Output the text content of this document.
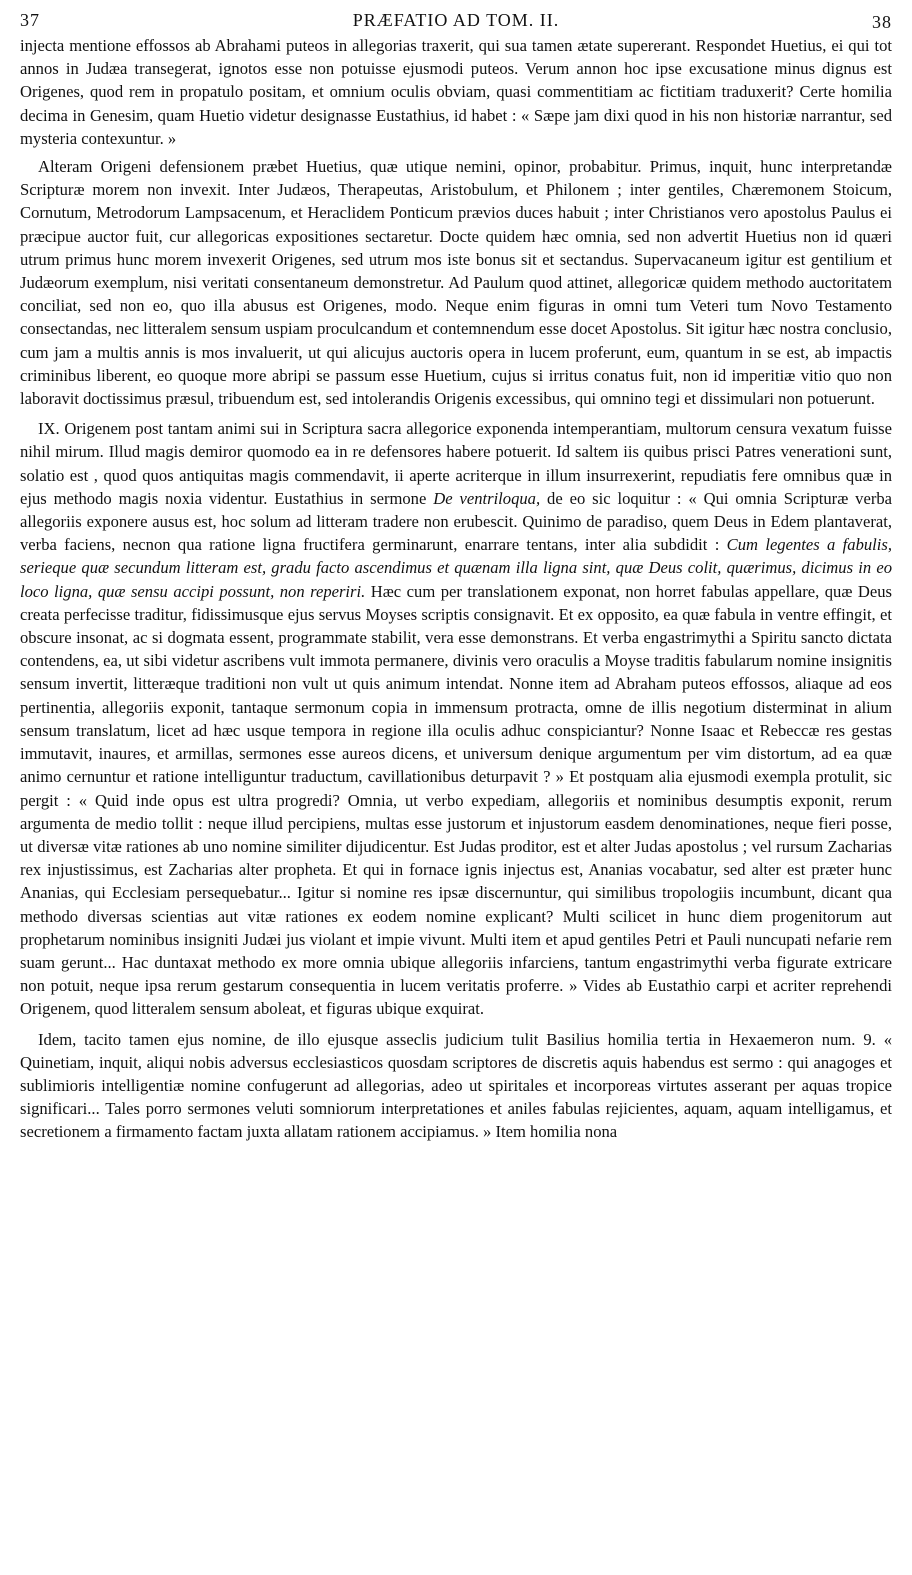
37	PRÆFATIO AD TOM. II.	38

injecta mentione effossos ab Abrahami puteos in allegorias traxerit, qui sua tamen ætate supererant. Respondet Huetius, ei qui tot annos in Judæa transegerat, ignotos esse non potuisse ejusmodi puteos. Verum annon hoc ipse excusatione minus dignus est Origenes, quod rem in propatulo positam, et omnium oculis obviam, quasi commentitiam ac fictitiam traduxerit? Certe homilia decima in Genesim, quam Huetio videtur designasse Eustathius, id habet : « Sæpe jam dixi quod in his non historiæ narrantur, sed mysteria contexuntur. »

Alteram Origeni defensionem præbet Huetius, quæ utique nemini, opinor, probabitur. Primus, inquit, hunc interpretandæ Scripturæ morem non invexit. Inter Judæos, Therapeutas, Aristobulum, et Philonem ; inter gentiles, Chæremonem Stoicum, Cornutum, Metrodorum Lampsacenum, et Heraclidem Ponticum prævios duces habuit ; inter Christianos vero apostolus Paulus ei præcipue auctor fuit, cur allegoricas expositiones sectaretur. Docte quidem hæc omnia, sed non advertit Huetius non id quæri utrum primus hunc morem invexerit Origenes, sed utrum mos iste bonus sit et sectandus. Supervacaneum igitur est gentilium et Judæorum exemplum, nisi veritati consentaneum demonstretur. Ad Paulum quod attinet, allegoricæ quidem methodo auctoritatem conciliat, sed non eo, quo illa abusus est Origenes, modo. Neque enim figuras in omni tum Veteri tum Novo Testamento consectandas, nec litteralem sensum uspiam proculcandum et contemnendum esse docet Apostolus. Sit igitur hæc nostra conclusio, cum jam a multis annis is mos invaluerit, ut qui alicujus auctoris opera in lucem proferunt, eum, quantum in se est, ab impactis criminibus liberent, eo quoque more abripi se passum esse Huetium, cujus si irritus conatus fuit, non id imperitiæ vitio quo non laboravit doctissimus præsul, tribuendum est, sed intolerandis Origenis excessibus, qui omnino tegi et dissimulari non potuerunt.

IX. Origenem post tantam animi sui in Scriptura sacra allegorice exponenda intemperantiam, multorum censura vexatum fuisse nihil mirum. Illud magis demiror quomodo ea in re defensores habere potuerit. Id saltem iis quibus prisci Patres venerationi sunt, solatio est , quod quos antiquitas magis commendavit, ii aperte acriterque in illum insurrexerint, repudiatis fere omnibus quæ in ejus methodo magis noxia videntur. Eustathius in sermone De ventriloqua, de eo sic loquitur : « Qui omnia Scripturæ verba allegoriis exponere ausus est, hoc solum ad litteram tradere non erubescit. Quinimo de paradiso, quem Deus in Edem plantaverat, verba faciens, necnon qua ratione ligna fructifera germinarunt, enarrare tentans, inter alia subdidit : Cum legentes a fabulis, serieque quæ secundum litteram est, gradu facto ascendimus et quænam illa ligna sint, quæ Deus colit, quærimus, dicimus in eo loco ligna, quæ sensu accipi possunt, non reperiri. Hæc cum per translationem exponat, non horret fabulas appellare, quæ Deus creata perfecisse traditur, fidissimusque ejus servus Moyses scriptis consignavit. Et ex opposito, ea quæ fabula in ventre effingit, et obscure insonat, ac si dogmata essent, programmate stabilit, vera esse demonstrans. Et verba engastrimythi a Spiritu sancto dictata contendens, ea, ut sibi videtur ascribens vult immota permanere, divinis vero oraculis a Moyse traditis fabularum nomine insignitis sensum invertit, litteræque traditioni non vult ut quis animum intendat. Nonne item ad Abraham puteos effossos, aliaque ad eos pertinentia, allegoriis exponit, tantaque sermonum copia in immensum protracta, omne de illis negotium disterminat in alium sensum translatum, licet ad hæc usque tempora in regione illa oculis adhuc conspiciantur? Nonne Isaac et Rebeccæ res gestas immutavit, inaures, et armillas, sermones esse aureos dicens, et universum denique argumentum per vim distortum, ad ea quæ animo cernuntur et ratione intelliguntur traductum, cavillationibus deturpavit ? » Et postquam alia ejusmodi exempla protulit, sic pergit : « Quid inde opus est ultra progredi? Omnia, ut verbo expediam, allegoriis et nominibus desumptis exponit, rerum argumenta de medio tollit : neque illud percipiens, multas esse justorum et injustorum easdem denominationes, neque fieri posse, ut diversæ vitæ rationes ab uno nomine similiter dijudicentur. Est Judas proditor, est et alter Judas apostolus ; vel rursum Zacharias rex injustissimus, est Zacharias alter propheta. Et qui in fornace ignis injectus est, Ananias vocabatur, sed alter est præter hunc Ananias, qui Ecclesiam persequebatur... Igitur si nomine res ipsæ discernuntur, qui similibus tropologiis incumbunt, dicant qua methodo diversas scientias aut vitæ rationes ex eodem nomine explicant? Multi scilicet in hunc diem progenitorum aut prophetarum nominibus insigniti Judæi jus violant et impie vivunt. Multi item et apud gentiles Petri et Pauli nuncupati nefarie rem suam gerunt... Hac duntaxat methodo ex more omnia ubique allegoriis infarciens, tantum engastrimythi verba figurate extricare non potuit, neque ipsa rerum gestarum consequentia in lucem veritatis proferre. » Vides ab Eustathio carpi et acriter reprehendi Origenem, quod litteralem sensum aboleat, et figuras ubique exquirat.

Idem, tacito tamen ejus nomine, de illo ejusque asseclis judicium tulit Basilius homilia tertia in Hexaemeron num. 9. « Quinetiam, inquit, aliqui nobis adversus ecclesiasticos quosdam scriptores de discretis aquis habendus est sermo : qui anagoges et sublimioris intelligentiæ nomine confugerunt ad allegorias, adeo ut spiritales et incorporeas virtutes asserant per aquas tropice significari... Tales porro sermones veluti somniorum interpretationes et aniles fabulas rejicientes, aquam, aquam intelligamus, et secretionem a firmamento factam juxta allatam rationem accipiamus. » Item homilia nona
